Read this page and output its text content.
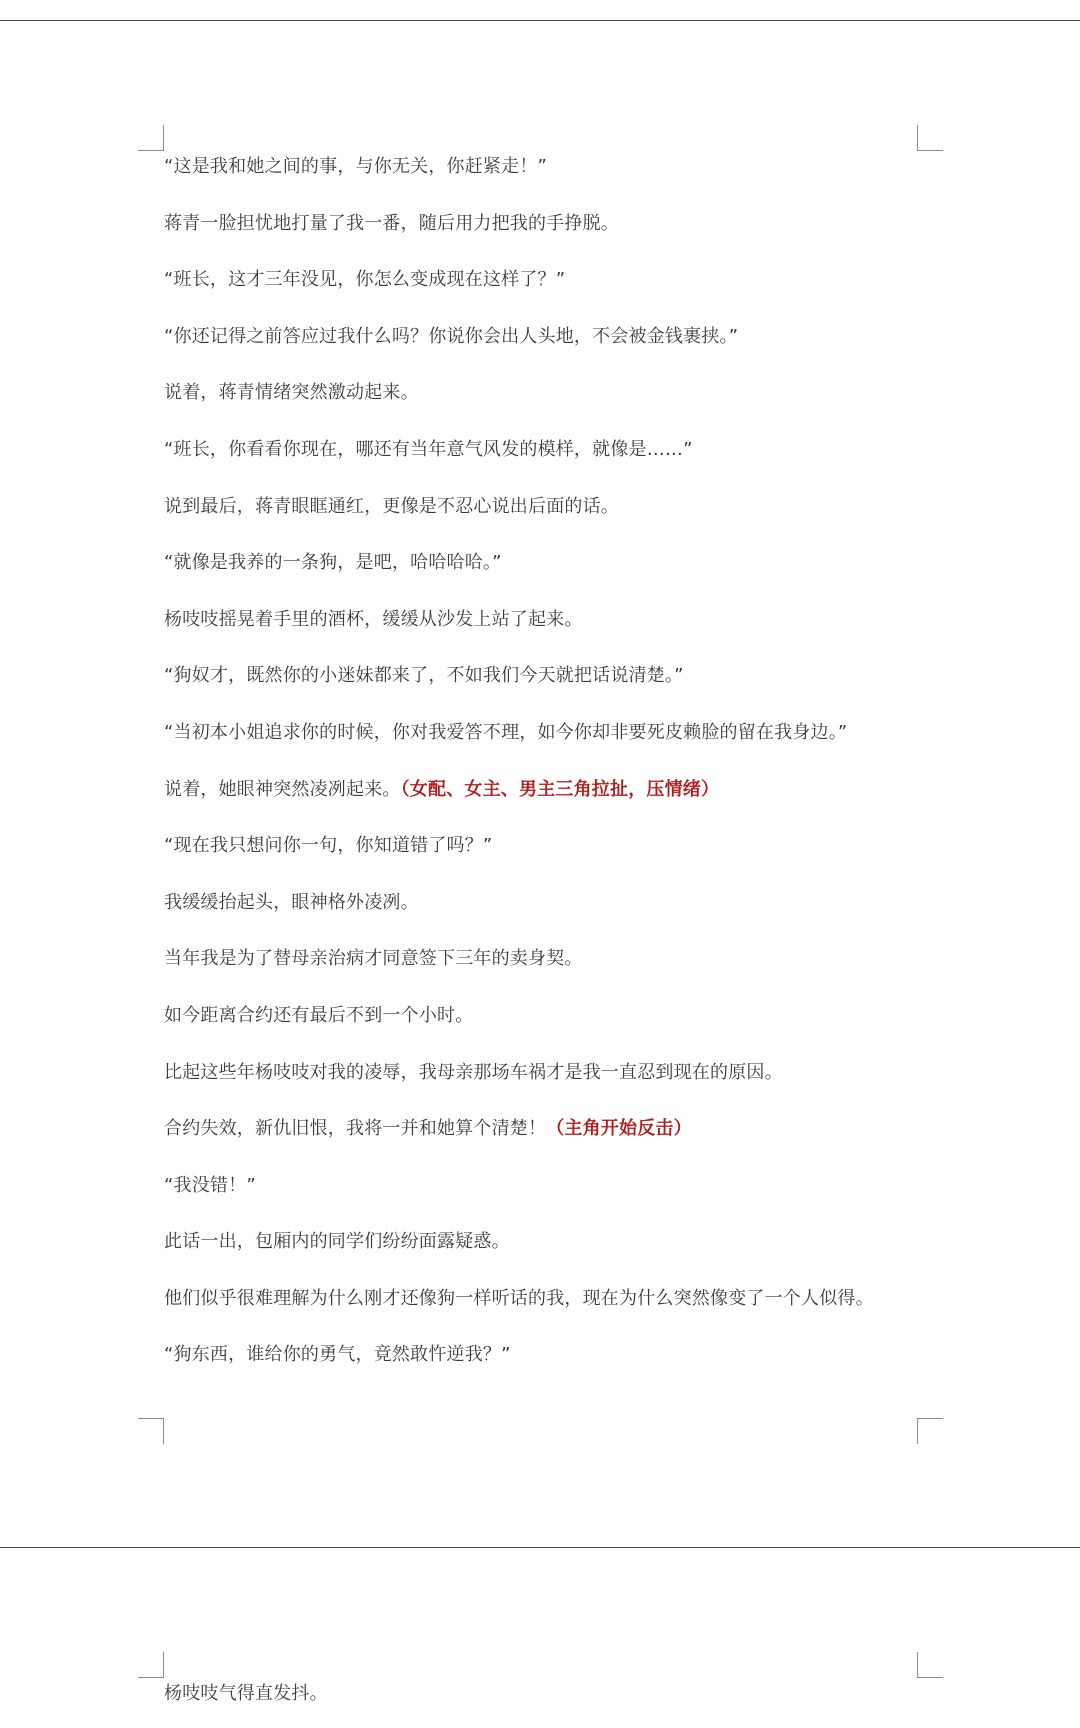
“这是我和她之间的事，与你无关，你赶紧走！”
蒋青一脸担忧地打量了我一番，随后用力把我的手挣脱。
“班长，这才三年没见，你怎么变成现在这样了？”
“你还记得之前答应过我什么吗？你说你会出人头地，不会被金钱裹挟。”
说着，蒋青情绪突然激动起来。
“班长，你看看你现在，哪还有当年意气风发的模样，就像是……”
说到最后，蒋青眼眶通红，更像是不忍心说出后面的话。
“就像是我养的一条狗，是吧，哈哈哈哈。”
杨吱吱摇晃着手里的酒杯，缓缓从沙发上站了起来。
“狗奴才，既然你的小迷妹都来了，不如我们今天就把话说清楚。”
“当初本小姐追求你的时候，你对我爱答不理，如今你却非要死皮赖脸的留在我身边。”
说着，她眼神突然凌冽起来。（女配、女主、男主三角拉扯，压情绪）
“现在我只想问你一句，你知道错了吗？”
我缓缓抬起头，眼神格外凌冽。
当年我是为了替母亲治病才同意签下三年的卖身契。
如今距离合约还有最后不到一个小时。
比起这些年杨吱吱对我的凌辱，我母亲那场车祸才是我一直忍到现在的原因。
合约失效，新仇旧恨，我将一并和她算个清楚！（主角开始反击）
“我没错！”
此话一出，包厢内的同学们纷纷面露疑惑。
他们似乎很难理解为什么刚才还像狗一样听话的我，现在为什么突然像变了一个人似得。
“狗东西，谁给你的勇气，竟然敢忤逆我？”
杨吱吱气得直发抖。
